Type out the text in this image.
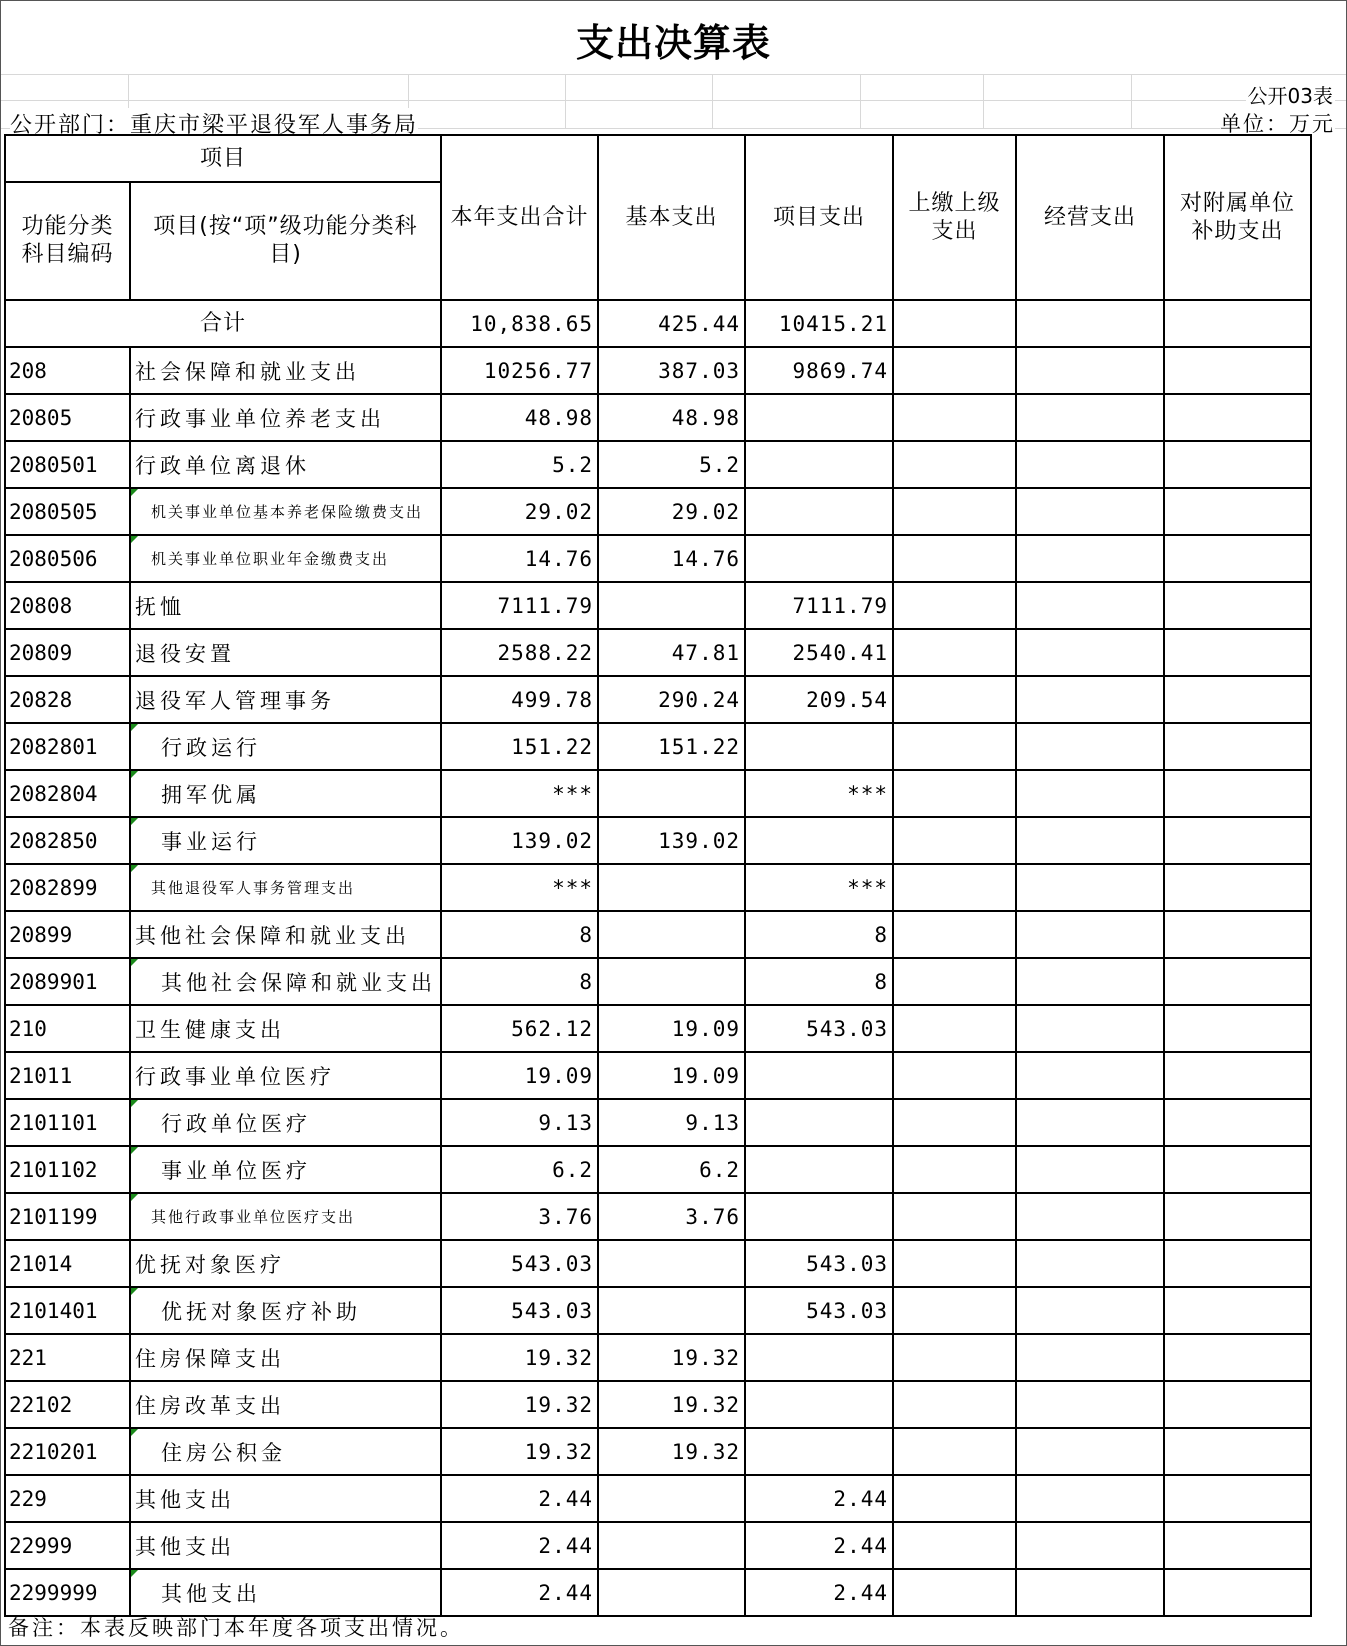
支出决算表
公开03表
公开部门：重庆市梁平退役军人事务局	单位：万元
项目		本年支出合计	基本支出	项目支出	上缴上级支出	经营支出	对附属单位补助支出
功能分类科目编码	项目(按“项”级功能分类科目)						
合计		10,838.65	425.44	10415.21			
208	社会保障和就业支出	10256.77	387.03	9869.74			
20805	行政事业单位养老支出	48.98	48.98				
2080501	行政单位离退休	5.2	5.2				
2080505	机关事业单位基本养老保险缴费支出	29.02	29.02				
2080506	机关事业单位职业年金缴费支出	14.76	14.76				
20808	抚恤	7111.79		7111.79			
20809	退役安置	2588.22	47.81	2540.41			
20828	退役军人管理事务	499.78	290.24	209.54			
2082801	行政运行	151.22	151.22				
2082804	拥军优属	***		***			
2082850	事业运行	139.02	139.02				
2082899	其他退役军人事务管理支出	***		***			
20899	其他社会保障和就业支出	8		8			
2089901	其他社会保障和就业支出	8		8			
210	卫生健康支出	562.12	19.09	543.03			
21011	行政事业单位医疗	19.09	19.09				
2101101	行政单位医疗	9.13	9.13				
2101102	事业单位医疗	6.2	6.2				
2101199	其他行政事业单位医疗支出	3.76	3.76				
21014	优抚对象医疗	543.03		543.03			
2101401	优抚对象医疗补助	543.03		543.03			
221	住房保障支出	19.32	19.32				
22102	住房改革支出	19.32	19.32				
2210201	住房公积金	19.32	19.32				
229	其他支出	2.44		2.44			
22999	其他支出	2.44		2.44			
2299999	其他支出	2.44		2.44			
备注：本表反映部门本年度各项支出情况。
